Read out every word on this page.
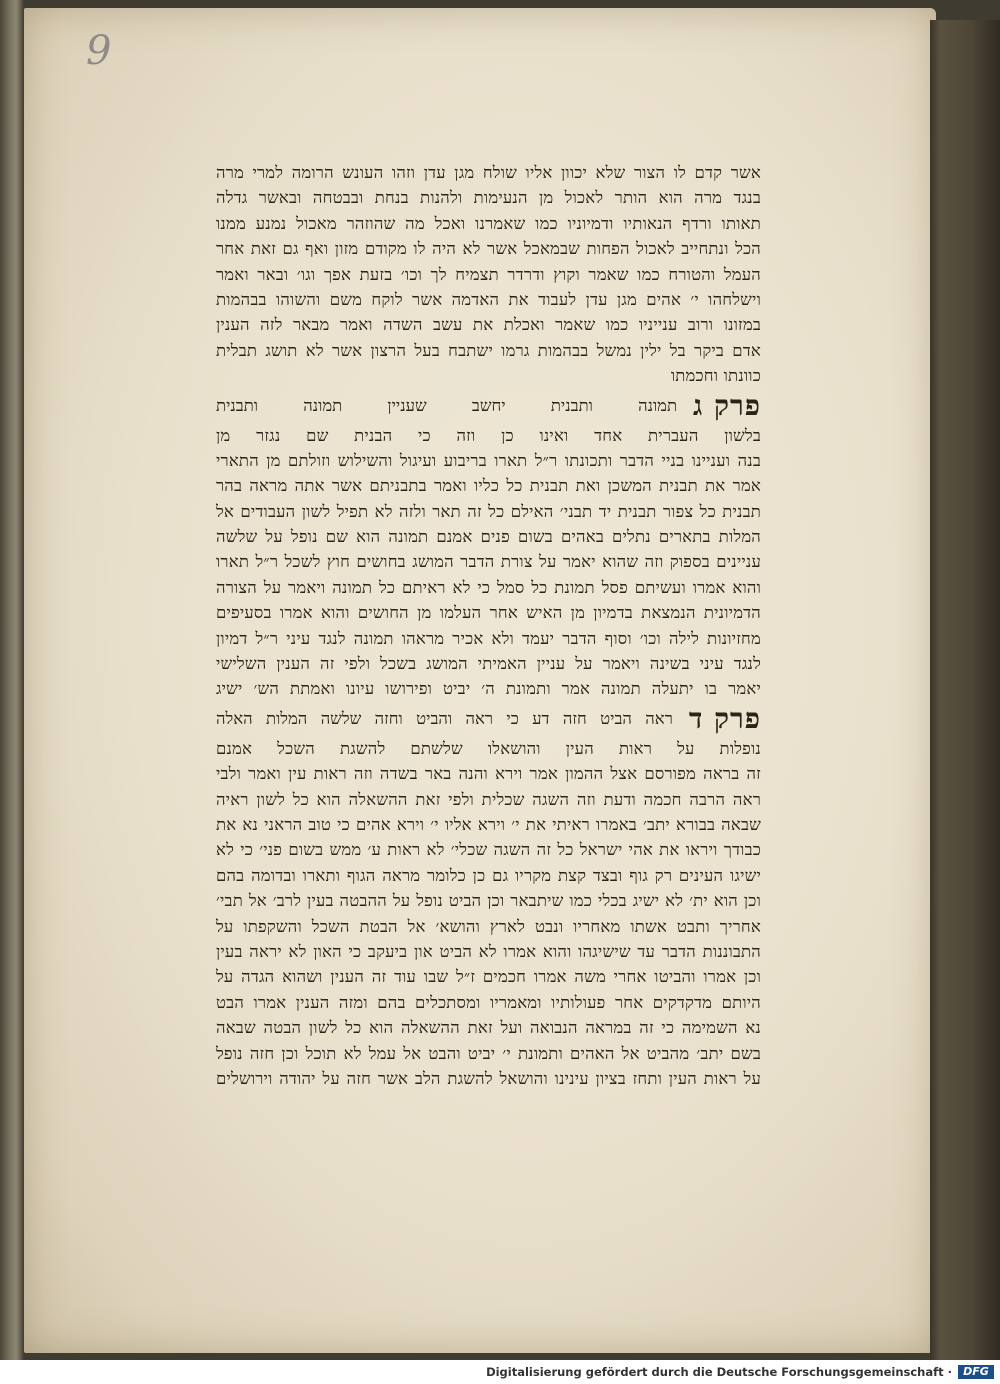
9
אשר קדם לו הצור שלא יכוון אליו שולח מגן עדן וזהו העונש הרומה למרי מרה
בנגד מרה הוא הותר לאכול מן הנעימות ולהנות בנחת ובבטחה ובאשר גדלה
תאותו ורדף הנאותיו ודמיוניו כמו שאמרנו ואכל מה שהוזהר מאכול נמנע ממנו
הכל ונתחייב לאכול הפחות שבמאכל אשר לא היה לו מקודם מזון ואף גם זאת אחר
העמל והטורח כמו שאמר וקוץ ודרדר תצמיח לך וכו׳ בזעת אפך וגו׳ ובאר ואמר
וישלחהו י׳ אהים מגן עדן לעבוד את האדמה אשר לוקח משם והשוהו בבהמות
במזונו ורוב ענייניו כמו שאמר ואכלת את עשב השדה ואמר מבאר לזה הענין
אדם ביקר בל ילין נמשל בבהמות גרמו ישתבח בעל הרצון אשר לא תושג תבלית
כוונתו וחכמתו
פרק ג
תמונה ותבנית יחשב שעניין תמונה ותבנית
בלשון העברית אחד ואינו כן וזה כי הבנית שם נגזר מן
בנה ועניינו בניי הדבר ותכונתו ר״ל תארו בריבוע ועיגול והשילוש וזולתם מן התארי
אמר את תבנית המשכן ואת תבנית כל כליו ואמר בתבניתם אשר אתה מראה בהר
תבנית כל צפור תבנית יד תבני׳ האילם כל זה תאר ולזה לא תפיל לשון העבודים אל
המלות בתארים נתלים באהים בשום פנים אמנם תמונה הוא שם נופל על שלשה
עניינים בספוק וזה שהוא יאמר על צורת הדבר המושג בחושים חוץ לשכל ר״ל תארו
והוא אמרו ועשיתם פסל תמונת כל סמל כי לא ראיתם כל תמונה ויאמר על הצורה
הדמיונית הנמצאת בדמיון מן האיש אחר העלמו מן החושים והוא אמרו בסעיפים
מחזיונות לילה וכו׳ וסוף הדבר יעמד ולא אכיר מראהו תמונה לנגד עיני ר״ל דמיון
לנגד עיני בשינה ויאמר על עניין האמיתי המושג בשכל ולפי זה הענין השלישי
יאמר בו יתעלה תמונה אמר ותמונת ה׳ יביט ופירושו עיונו ואמתת הש׳ ישיג
פרק ד
ראה הביט חזה דע כי ראה והביט וחזה שלשה המלות האלה
נופלות על ראות העין והושאלו שלשתם להשגת השכל אמנם
זה בראה מפורסם אצל ההמון אמר וירא והנה באר בשדה וזה ראות עין ואמר ולבי
ראה הרבה חכמה ודעת וזה השגה שכלית ולפי זאת ההשאלה הוא כל לשון ראיה
שבאה בבורא יתב׳ באמרו ראיתי את י׳ וירא אליו י׳ וירא אהים כי טוב הראני נא את
כבודך ויראו את אהי ישראל כל זה השגה שכלי׳ לא ראות ע׳ ממש בשום פני׳ כי לא
ישיגו העינים רק גוף ובצד קצת מקריו גם כן כלומר מראה הגוף ותארו ובדומה בהם
וכן הוא ית׳ לא ישיג בכלי כמו שיתבאר וכן הביט נופל על ההבטה בעין לרב׳ אל תבי׳
אחריך ותבט אשתו מאחריו ונבט לארץ והושא׳ אל הבטת השכל והשקפתו על
התבוננות הדבר עד שישיגהו והוא אמרו לא הביט און ביעקב כי האון לא יראה בעין
וכן אמרו והביטו אחרי משה אמרו חכמים ז״ל שבו עוד זה הענין ושהוא הגדה על
היותם מדקדקים אחר פעולותיו ומאמריו ומסתכלים בהם ומזה הענין אמרו הבט
נא השמימה כי זה במראה הנבואה ועל זאת ההשאלה הוא כל לשון הבטה שבאה
בשם יתב׳ מהביט אל האהים ותמונת י׳ יביט והבט אל עמל לא תוכל וכן חזה נופל
על ראות העין ותחז בציון עינינו והושאל להשגת הלב אשר חזה על יהודה וירושלים
Digitalisierung gefördert durch die Deutsche Forschungsgemeinschaft ·	DFG
